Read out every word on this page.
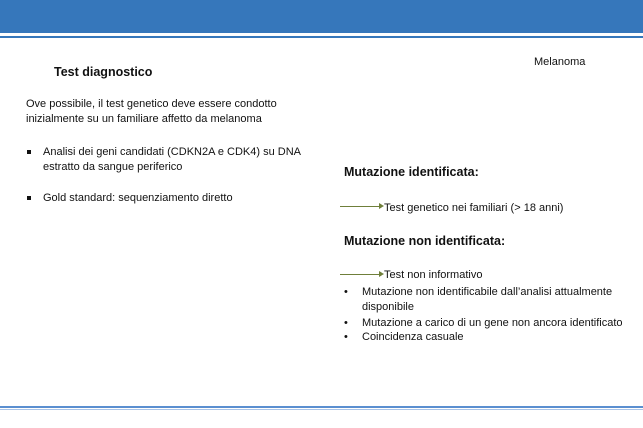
Test diagnostico
Melanoma
Ove possibile, il test genetico deve essere condotto inizialmente su un familiare affetto da melanoma
Analisi dei geni candidati (CDKN2A e CDK4) su DNA estratto da sangue periferico
Gold standard: sequenziamento diretto
Mutazione identificata:
Test genetico nei familiari (> 18 anni)
Mutazione non identificata:
Test non informativo
• Mutazione non identificabile dall’analisi attualmente disponibile
• Mutazione a carico di un gene non ancora identificato
• Coincidenza casuale
